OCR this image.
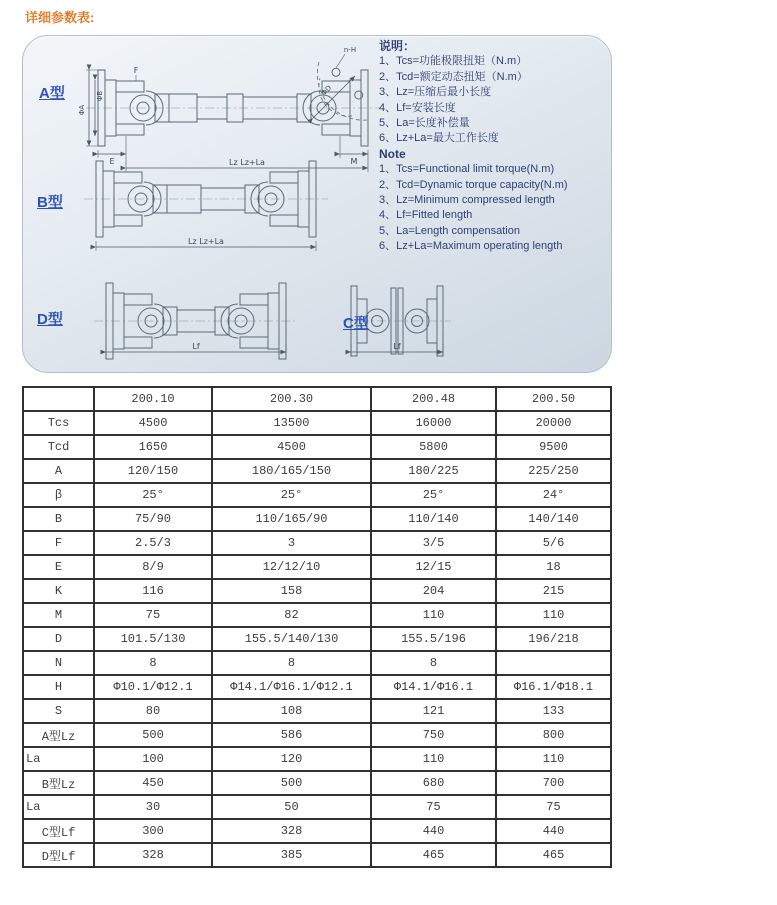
详细参数表:
ΦA
ΦB
F
E	M
Lz Lz+La
n-H
ΦD
Lz Lz+La
Lf	Lf
A型
B型
D型	C型
说明：
1、Tcs=功能极限扭矩（N.m）
2、Tcd=额定动态扭矩（N.m）
3、Lz=压缩后最小长度
4、Lf=安装长度
5、La=长度补偿量
6、Lz+La=最大工作长度
Note
1、Tcs=Functional limit torque(N.m)
2、Tcd=Dynamic torque capacity(N.m)
3、Lz=Minimum compressed length
4、Lf=Fitted length
5、La=Length compensation
6、Lz+La=Maximum operating length
	200.10	200.30	200.48	200.50
Tcs	4500	13500	16000	20000
Tcd	1650	4500	5800	9500
A	120/150	180/165/150	180/225	225/250
β	25°	25°	25°	24°
B	75/90	110/165/90	110/140	140/140
F	2.5/3	3	3/5	5/6
E	8/9	12/12/10	12/15	18
K	116	158	204	215
M	75	82	110	110
D	101.5/130	155.5/140/130	155.5/196	196/218
N	8	8	8	
H	Φ10.1/Φ12.1	Φ14.1/Φ16.1/Φ12.1	Φ14.1/Φ16.1	Φ16.1/Φ18.1
S	80	108	121	133
A型Lz	500	586	750	800
La	100	120	110	110
B型Lz	450	500	680	700
La	30	50	75	75
C型Lf	300	328	440	440
D型Lf	328	385	465	465
